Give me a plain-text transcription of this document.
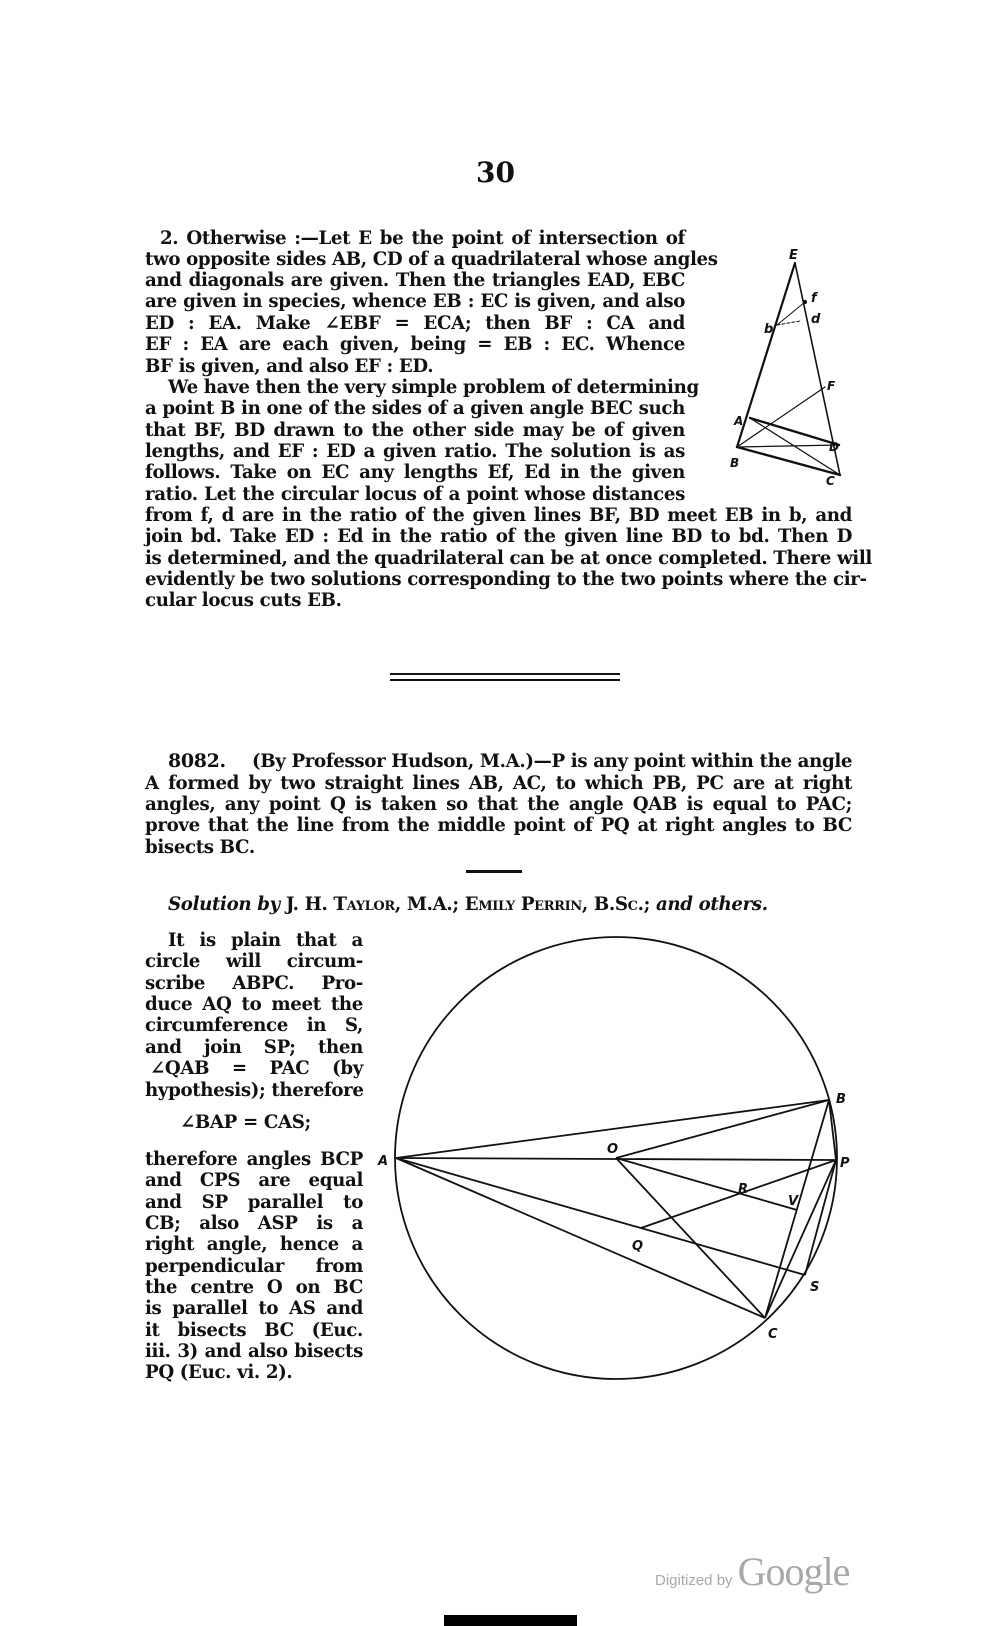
30
2. Otherwise :—Let E be the point of intersection of
two opposite sides AB, CD of a quadrilateral whose angles
and diagonals are given. Then the triangles EAD, EBC
are given in species, whence EB : EC is given, and also
ED : EA. Make ∠EBF = ECA; then BF : CA and
EF : EA are each given, being = EB : EC. Whence
BF is given, and also EF : ED.
We have then the very simple problem of determining
a point B in one of the sides of a given angle BEC such
that BF, BD drawn to the other side may be of given
lengths, and EF : ED a given ratio. The solution is as
follows. Take on EC any lengths Ef, Ed in the given
ratio. Let the circular locus of a point whose distances
from f, d are in the ratio of the given lines BF, BD meet EB in b, and
join bd. Take ED : Ed in the ratio of the given line BD to bd. Then D
is determined, and the quadrilateral can be at once completed. There will
evidently be two solutions corresponding to the two points where the cir-
cular locus cuts EB.
E
f
d
b
F
A
D
B
C
8082. (By Professor Hudson, M.A.)—P is any point within the angle
A formed by two straight lines AB, AC, to which PB, PC are at right
angles, any point Q is taken so that the angle QAB is equal to PAC;
prove that the line from the middle point of PQ at right angles to BC
bisects BC.
Solution by J. H. Taylor, M.A.; Emily Perrin, B.Sc.; and others.
It is plain that a
circle will circum-
scribe ABPC. Pro-
duce AQ to meet the
circumference in S,
and join SP; then
∠QAB = PAC (by
hypothesis); therefore
∠BAP = CAS;
therefore angles BCP
and CPS are equal
and SP parallel to
CB; also ASP is a
right angle, hence a
perpendicular from
the centre O on BC
is parallel to AS and
it bisects BC (Euc.
iii. 3) and also bisects
PQ (Euc. vi. 2).
A
B
O
P
R
V
Q
S
C
Digitized by Google
